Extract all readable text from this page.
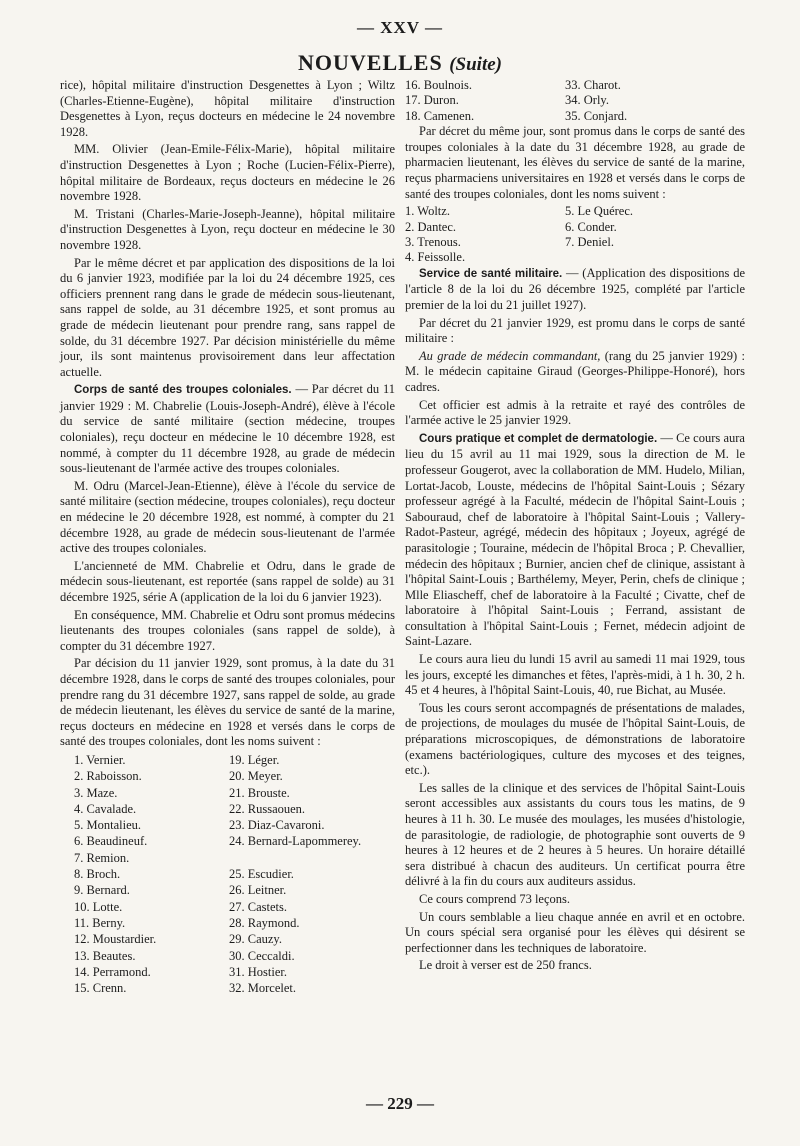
— XXV —
NOUVELLES (Suite)

rice), hôpital militaire d'instruction Desgenettes à Lyon ; Wiltz (Charles-Etienne-Eugène), hôpital militaire d'instruction Desgenettes à Lyon, reçus docteurs en médecine le 24 novembre 1928.

MM. Olivier (Jean-Emile-Félix-Marie), hôpital militaire d'instruction Desgenettes à Lyon ; Roche (Lucien-Félix-Pierre), hôpital militaire de Bordeaux, reçus docteurs en médecine le 26 novembre 1928.

M. Tristani (Charles-Marie-Joseph-Jeanne), hôpital militaire d'instruction Desgenettes à Lyon, reçu docteur en médecine le 30 novembre 1928.

Par le même décret et par application des dispositions de la loi du 6 janvier 1923, modifiée par la loi du 24 décembre 1925, ces officiers prennent rang dans le grade de médecin sous-lieutenant, sans rappel de solde, au 31 décembre 1925, et sont promus au grade de médecin lieutenant pour prendre rang, sans rappel de solde, du 31 décembre 1927. Par décision ministérielle du même jour, ils sont maintenus provisoirement dans leur affectation actuelle.

Corps de santé des troupes coloniales. — Par décret du 11 janvier 1929 : M. Chabrelie (Louis-Joseph-André), élève à l'école du service de santé militaire (section médecine, troupes coloniales), reçu docteur en médecine le 10 décembre 1928, est nommé, à compter du 11 décembre 1928, au grade de médecin sous-lieutenant de l'armée active des troupes coloniales.

M. Odru (Marcel-Jean-Etienne), élève à l'école du service de santé militaire (section médecine, troupes coloniales), reçu docteur en médecine le 20 décembre 1928, est nommé, à compter du 21 décembre 1928, au grade de médecin sous-lieutenant de l'armée active des troupes coloniales.

L'ancienneté de MM. Chabrelie et Odru, dans le grade de médecin sous-lieutenant, est reportée (sans rappel de solde) au 31 décembre 1925, série A (application de la loi du 6 janvier 1923).

En conséquence, MM. Chabrelie et Odru sont promus médecins lieutenants des troupes coloniales (sans rappel de solde), à compter du 31 décembre 1927.

Par décision du 11 janvier 1929, sont promus, à la date du 31 décembre 1928, dans le corps de santé des troupes coloniales, pour prendre rang du 31 décembre 1927, sans rappel de solde, au grade de médecin lieutenant, les élèves du service de santé de la marine, reçus docteurs en médecine en 1928 et versés dans le corps de santé des troupes coloniales, dont les noms suivent :

1. Vernier.	19. Léger.
2. Raboisson.	20. Meyer.
3. Maze.	21. Brouste.
4. Cavalade.	22. Russaouen.
5. Montalieu.	23. Diaz-Cavaroni.
6. Beaudineuf.	24. Bernard-Lapommerey.
7. Remion.
8. Broch.	25. Escudier.
9. Bernard.	26. Leitner.
10. Lotte.	27. Castets.
11. Berny.	28. Raymond.
12. Moustardier.	29. Cauzy.
13. Beautes.	30. Ceccaldi.
14. Perramond.	31. Hostier.
15. Crenn.	32. Morcelet.
16. Boulnois.	33. Charot.
17. Duron.	34. Orly.
18. Camenen.	35. Conjard.

Par décret du même jour, sont promus dans le corps de santé des troupes coloniales à la date du 31 décembre 1928, au grade de pharmacien lieutenant, les élèves du service de santé de la marine, reçus pharmaciens universitaires en 1928 et versés dans le corps de santé des troupes coloniales, dont les noms suivent :

1. Woltz.	5. Le Quérec.
2. Dantec.	6. Conder.
3. Trenous.	7. Deniel.
4. Feissolle.

Service de santé militaire. — (Application des dispositions de l'article 8 de la loi du 26 décembre 1925, complété par l'article premier de la loi du 21 juillet 1927).

Par décret du 21 janvier 1929, est promu dans le corps de santé militaire :

Au grade de médecin commandant, (rang du 25 janvier 1929) : M. le médecin capitaine Giraud (Georges-Philippe-Honoré), hors cadres.

Cet officier est admis à la retraite et rayé des contrôles de l'armée active le 25 janvier 1929.

Cours pratique et complet de dermatologie. — Ce cours aura lieu du 15 avril au 11 mai 1929, sous la direction de M. le professeur Gougerot, avec la collaboration de MM. Hudelo, Milian, Lortat-Jacob, Louste, médecins de l'hôpital Saint-Louis ; Sézary professeur agrégé à la Faculté, médecin de l'hôpital Saint-Louis ; Sabouraud, chef de laboratoire à l'hôpital Saint-Louis ; Vallery-Radot-Pasteur, agrégé, médecin des hôpitaux ; Joyeux, agrégé de parasitologie ; Touraine, médecin de l'hôpital Broca ; P. Chevallier, médecin des hôpitaux ; Burnier, ancien chef de clinique, assistant à l'hôpital Saint-Louis ; Barthélemy, Meyer, Perin, chefs de clinique ; Mlle Eliascheff, chef de laboratoire à la Faculté ; Civatte, chef de laboratoire à l'hôpital Saint-Louis ; Ferrand, assistant de consultation à l'hôpital Saint-Louis ; Fernet, médecin adjoint de Saint-Lazare.

Le cours aura lieu du lundi 15 avril au samedi 11 mai 1929, tous les jours, excepté les dimanches et fêtes, l'après-midi, à 1 h. 30, 2 h. 45 et 4 heures, à l'hôpital Saint-Louis, 40, rue Bichat, au Musée.

Tous les cours seront accompagnés de présentations de malades, de projections, de moulages du musée de l'hôpital Saint-Louis, de préparations microscopiques, de démonstrations de laboratoire (examens bactériologiques, culture des mycoses et des teignes, etc.).

Les salles de la clinique et des services de l'hôpital Saint-Louis seront accessibles aux assistants du cours tous les matins, de 9 heures à 11 h. 30. Le musée des moulages, les musées d'histologie, de parasitologie, de radiologie, de photographie sont ouverts de 9 heures à 12 heures et de 2 heures à 5 heures. Un horaire détaillé sera distribué à chacun des auditeurs. Un certificat pourra être délivré à la fin du cours aux auditeurs assidus.

Ce cours comprend 73 leçons.

Un cours semblable a lieu chaque année en avril et en octobre. Un cours spécial sera organisé pour les élèves qui désirent se perfectionner dans les techniques de laboratoire.

Le droit à verser est de 250 francs.

— 229 —
